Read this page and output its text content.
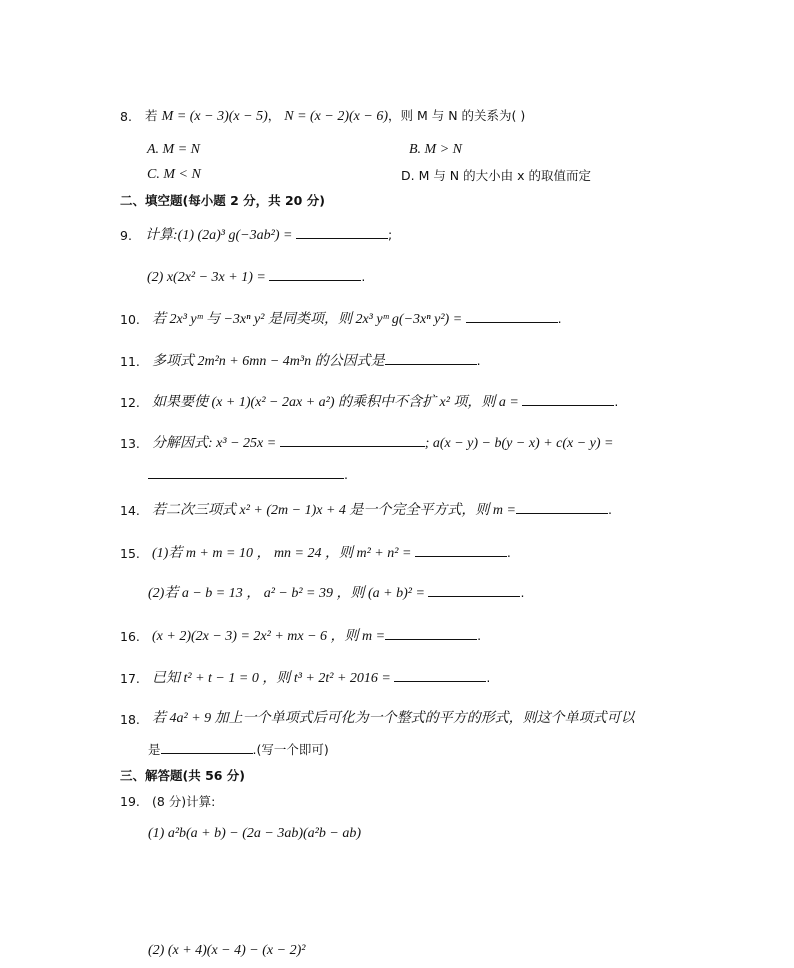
8. 若 M = (x − 3)(x − 5)， N = (x − 2)(x − 6)，则 M 与 N 的关系为( )
A. M = N	B. M > N
C. M < N	D. M 与 N 的大小由 x 的取值而定
二、填空题(每小题 2 分，共 20 分)
9. 计算:(1) (2a)³ g(−3ab²) =	;
(2) x(2x² − 3x + 1) =	.
10. 若 2x³ yᵐ 与 −3xⁿ y² 是同类项，则 2x³ yᵐ g(−3xⁿ y²) =	.
11. 多项式 2m²n + 6mn − 4m³n 的公因式是	.
12. 如果要使 (x + 1)(x² − 2ax + a²) 的乘积中不含扩 x² 项，则 a =	.
13. 分解因式: x³ − 25x =	; a(x − y) − b(y − x) + c(x − y) =
.
14. 若二次三项式 x² + (2m − 1)x + 4 是一个完全平方式，则 m =	.
15. (1)若 m + m = 10 ， mn = 24 ，则 m² + n² =	.
(2)若 a − b = 13 ， a² − b² = 39 ，则 (a + b)² =	.
16. (x + 2)(2x − 3) = 2x² + mx − 6 ，则 m =	.
17. 已知 t² + t − 1 = 0 ，则 t³ + 2t² + 2016 =	.
18. 若 4a² + 9 加上一个单项式后可化为一个整式的平方的形式，则这个单项式可以
是	.(写一个即可)
三、解答题(共 56 分)
19. (8 分)计算:
(1) a²b(a + b) − (2a − 3ab)(a²b − ab)
(2) (x + 4)(x − 4) − (x − 2)²
